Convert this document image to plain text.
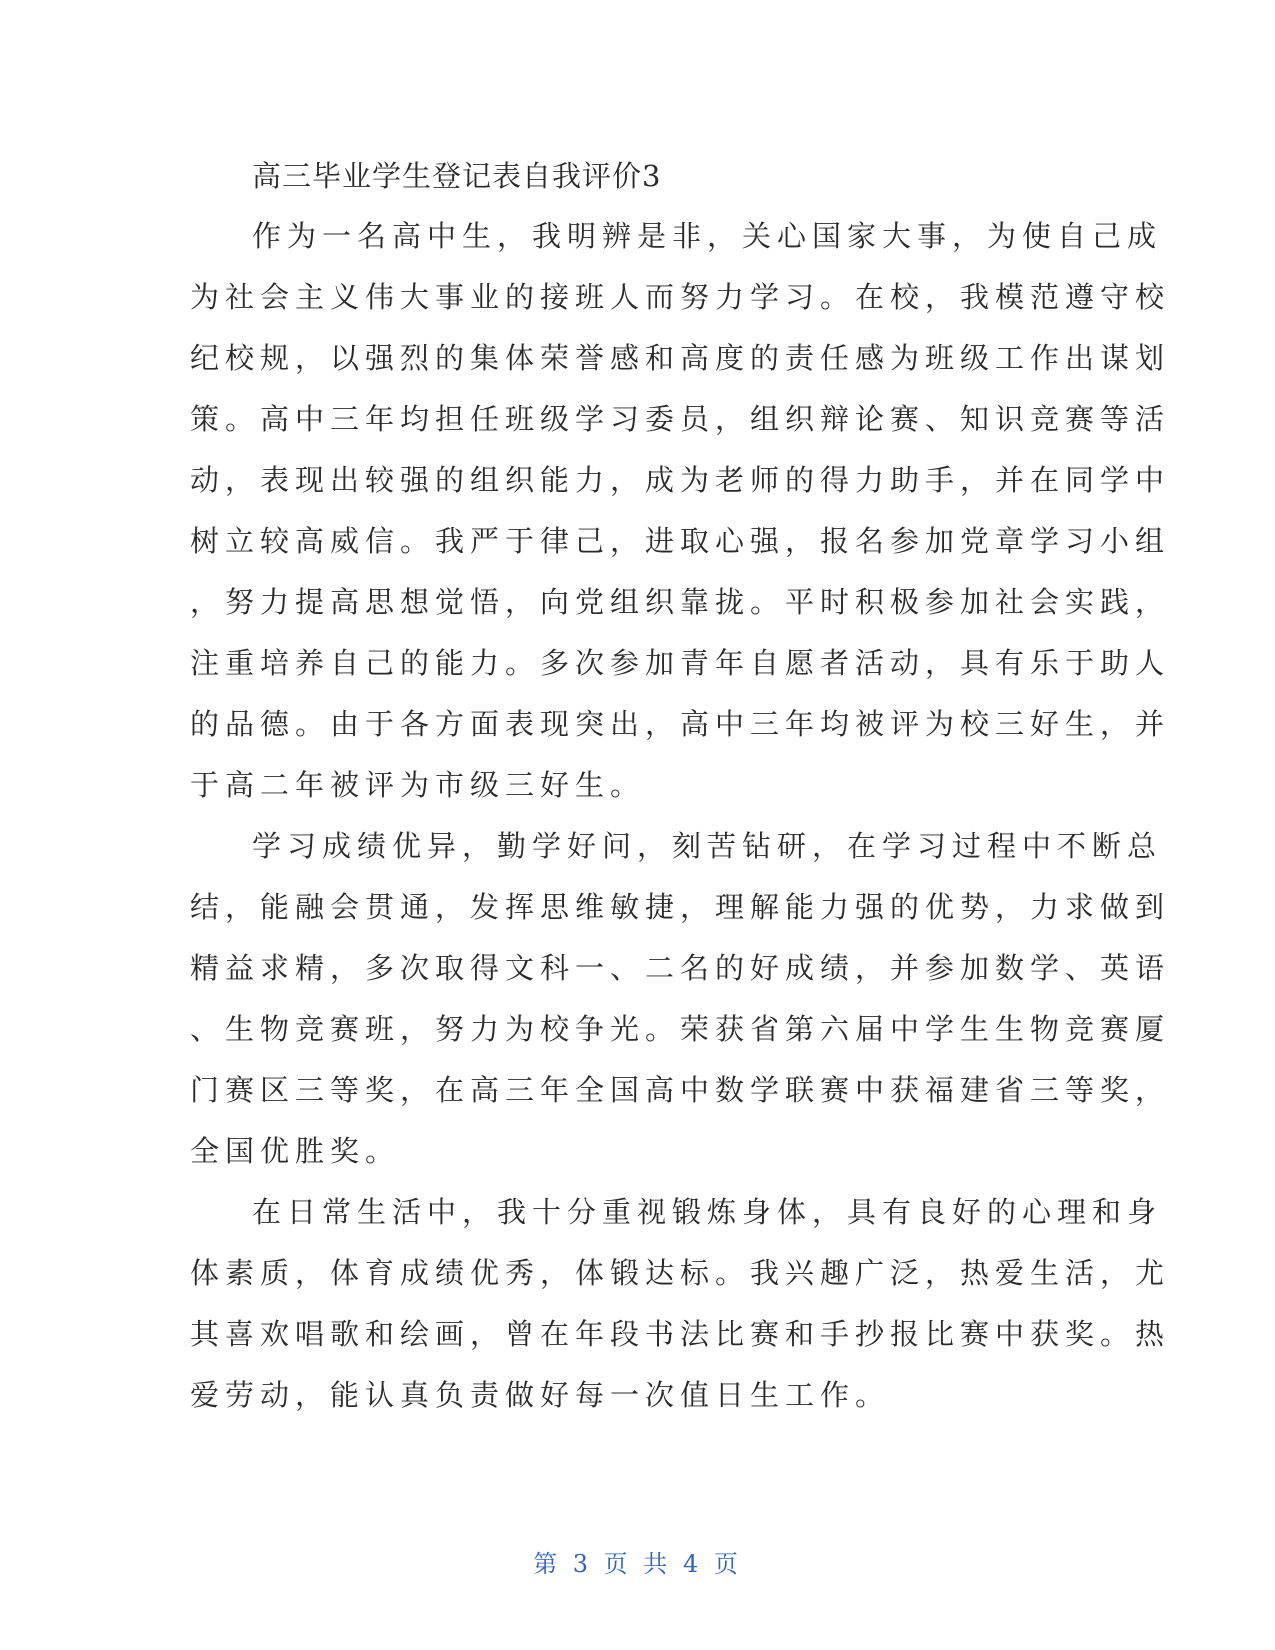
高三毕业学生登记表自我评价3

作为一名高中生，我明辨是非，关心国家大事，为使自己成

为社会主义伟大事业的接班人而努力学习。在校，我模范遵守校

纪校规，以强烈的集体荣誉感和高度的责任感为班级工作出谋划

策。高中三年均担任班级学习委员，组织辩论赛、知识竞赛等活

动，表现出较强的组织能力，成为老师的得力助手，并在同学中

树立较高威信。我严于律己，进取心强，报名参加党章学习小组

，努力提高思想觉悟，向党组织靠拢。平时积极参加社会实践，

注重培养自己的能力。多次参加青年自愿者活动，具有乐于助人

的品德。由于各方面表现突出，高中三年均被评为校三好生，并

于高二年被评为市级三好生。

学习成绩优异，勤学好问，刻苦钻研，在学习过程中不断总

结，能融会贯通，发挥思维敏捷，理解能力强的优势，力求做到

精益求精，多次取得文科一、二名的好成绩，并参加数学、英语

、生物竞赛班，努力为校争光。荣获省第六届中学生生物竞赛厦

门赛区三等奖，在高三年全国高中数学联赛中获福建省三等奖，

全国优胜奖。

在日常生活中，我十分重视锻炼身体，具有良好的心理和身

体素质，体育成绩优秀，体锻达标。我兴趣广泛，热爱生活，尤

其喜欢唱歌和绘画，曾在年段书法比赛和手抄报比赛中获奖。热

爱劳动，能认真负责做好每一次值日生工作。

第 3 页 共 4 页
